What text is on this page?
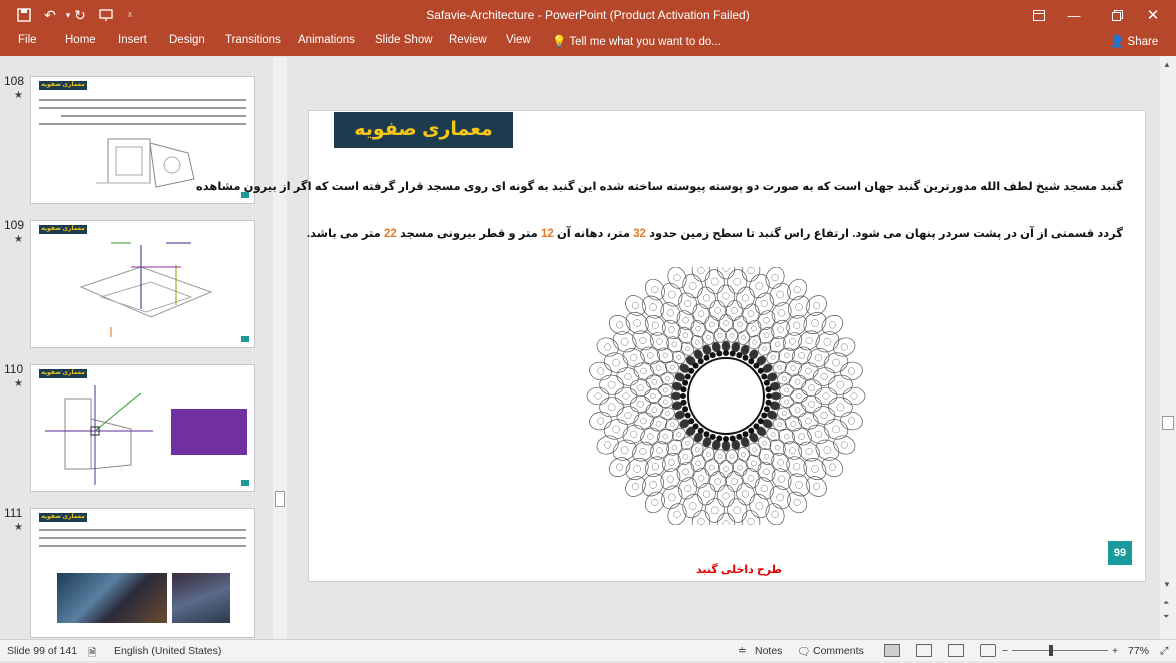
↶	▾ ↻	⩡	Safavie-Architecture - PowerPoint (Product Activation Failed)	—	✕
File Home Insert Design Transitions Animations Slide Show Review View 💡 Tell me what you want to do...	👤 Share
108
★
معماری صفویه
109
★
معماری صفویه
110
★
معماری صفویه
111
★
معماری صفویه
معماری صفویه
گنبد مسجد شیخ لطف الله مدورترین گنبد جهان است که به صورت دو پوسته پیوسته ساخته شده این گنبد به گونه ای روی مسجد قرار گرفته است که اگر از بیرون مشاهده
گردد قسمتی از آن در پشت سردر پنهان می شود. ارتفاع راس گنبد تا سطح زمین حدود 32 متر، دهانه آن 12 متر و قطر بیرونی مسجد 22 متر می باشد.
طرح داخلی گنبد
99
▲
▼
⏶
⏷
Slide 99 of 141 🗎 English (United States)	≐ Notes 🗨 Comments	−	+ 77% ⤢
